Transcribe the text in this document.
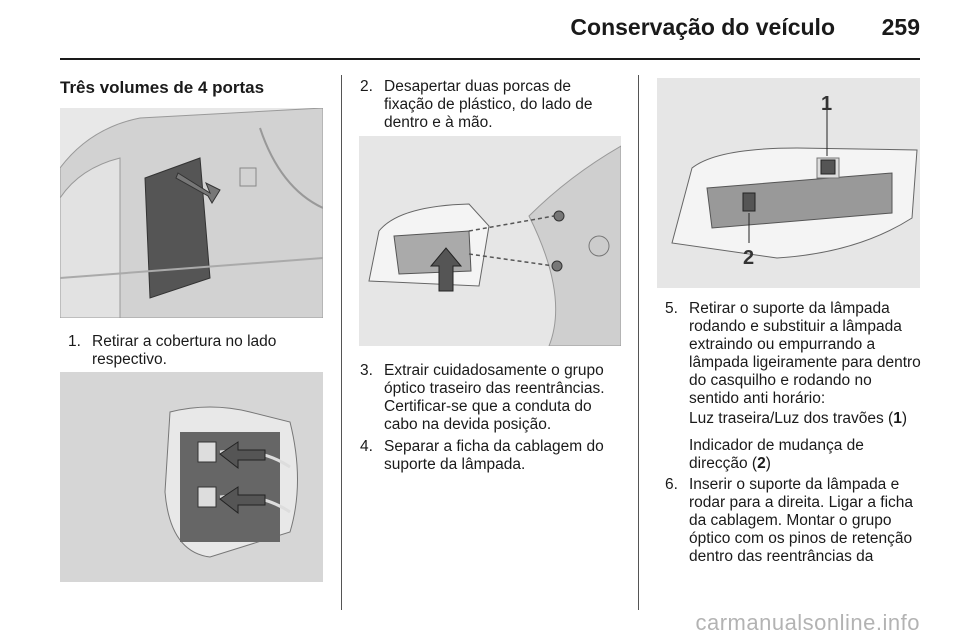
Conservação do veículo 259
Três volumes de 4 portas
1. Retirar a cobertura no lado respectivo.
2. Desapertar duas porcas de fixação de plástico, do lado de dentro e à mão.
3. Extrair cuidadosamente o grupo óptico traseiro das reentrâncias. Certificar-se que a conduta do cabo na devida posição.
4. Separar a ficha da cablagem do suporte da lâmpada.
1
2
5. Retirar o suporte da lâmpada rodando e substituir a lâmpada extraindo ou empurrando a lâmpada ligeiramente para dentro do casquilho e rodando no sentido anti horário:
Luz traseira/Luz dos travões (1)
Indicador de mudança de direcção (2)
6. Inserir o suporte da lâmpada e rodar para a direita. Ligar a ficha da cablagem. Montar o grupo óptico com os pinos de retenção dentro das reentrâncias da
carmanualsonline.info
